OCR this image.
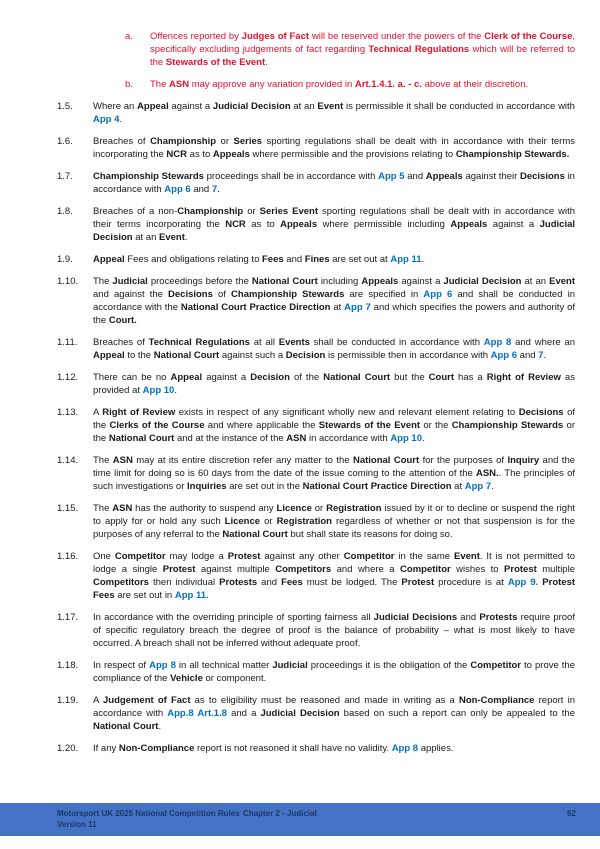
a.	Offences reported by Judges of Fact will be reserved under the powers of the Clerk of the Course, specifically excluding judgements of fact regarding Technical Regulations which will be referred to the Stewards of the Event.
b.	The ASN may approve any variation provided in Art.1.4.1. a. - c. above at their discretion.
1.5.	Where an Appeal against a Judicial Decision at an Event is permissible it shall be conducted in accordance with App 4.
1.6.	Breaches of Championship or Series sporting regulations shall be dealt with in accordance with their terms incorporating the NCR as to Appeals where permissible and the provisions relating to Championship Stewards.
1.7.	Championship Stewards proceedings shall be in accordance with App 5 and Appeals against their Decisions in accordance with App 6 and 7.
1.8.	Breaches of a non-Championship or Series Event sporting regulations shall be dealt with in accordance with their terms incorporating the NCR as to Appeals where permissible including Appeals against a Judicial Decision at an Event.
1.9.	Appeal Fees and obligations relating to Fees and Fines are set out at App 11.
1.10.	The Judicial proceedings before the National Court including Appeals against a Judicial Decision at an Event and against the Decisions of Championship Stewards are specified in App 6 and shall be conducted in accordance with the National Court Practice Direction at App 7 and which specifies the powers and authority of the Court.
1.11.	Breaches of Technical Regulations at all Events shall be conducted in accordance with App 8 and where an Appeal to the National Court against such a Decision is permissible then in accordance with App 6 and 7.
1.12.	There can be no Appeal against a Decision of the National Court but the Court has a Right of Review as provided at App 10.
1.13.	A Right of Review exists in respect of any significant wholly new and relevant element relating to Decisions of the Clerks of the Course and where applicable the Stewards of the Event or the Championship Stewards or the National Court and at the instance of the ASN in accordance with App 10.
1.14.	The ASN may at its entire discretion refer any matter to the National Court for the purposes of Inquiry and the time limit for doing so is 60 days from the date of the issue coming to the attention of the ASN.. The principles of such investigations or Inquiries are set out in the National Court Practice Direction at App 7.
1.15.	The ASN has the authority to suspend any Licence or Registration issued by it or to decline or suspend the right to apply for or hold any such Licence or Registration regardless of whether or not that suspension is for the purposes of any referral to the National Court but shall state its reasons for doing so.
1.16.	One Competitor may lodge a Protest against any other Competitor in the same Event. It is not permitted to lodge a single Protest against multiple Competitors and where a Competitor wishes to Protest multiple Competitors then individual Protests and Fees must be lodged. The Protest procedure is at App 9. Protest Fees are set out in App 11.
1.17.	In accordance with the overriding principle of sporting fairness all Judicial Decisions and Protests require proof of specific regulatory breach the degree of proof is the balance of probability – what is most likely to have occurred. A breach shall not be inferred without adequate proof.
1.18.	In respect of App 8 in all technical matter Judicial proceedings it is the obligation of the Competitor to prove the compliance of the Vehicle or component.
1.19.	A Judgement of Fact as to eligibility must be reasoned and made in writing as a Non-Compliance report in accordance with App.8 Art.1.8 and a Judicial Decision based on such a report can only be appealed to the National Court.
1.20.	If any Non-Compliance report is not reasoned it shall have no validity. App 8 applies.
Motorsport UK 2025 National Competition Rules Chapter 2 - Judicial	62
Version 11
